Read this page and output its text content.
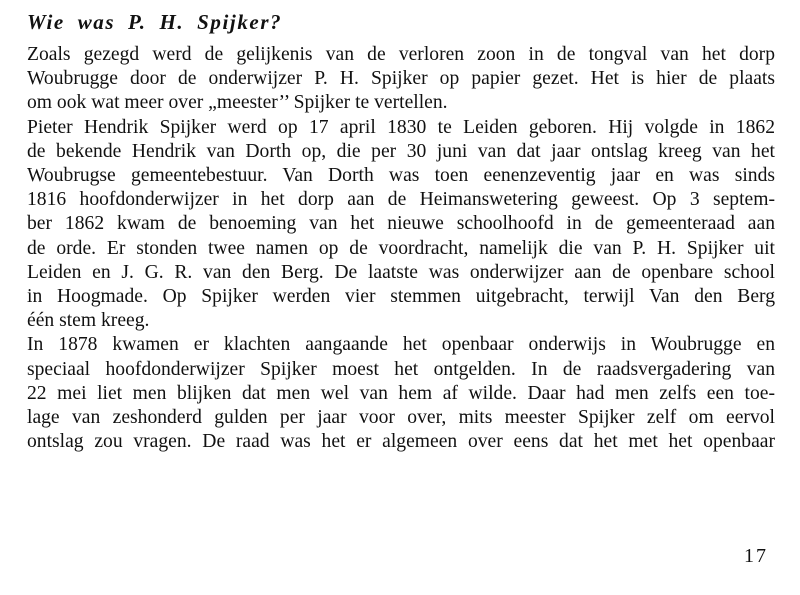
Wie was P. H. Spijker?
Zoals gezegd werd de gelijkenis van de verloren zoon in de tongval van het dorp
Woubrugge door de onderwijzer P. H. Spijker op papier gezet. Het is hier de plaats
om ook wat meer over „meester’’ Spijker te vertellen.
Pieter Hendrik Spijker werd op 17 april 1830 te Leiden geboren. Hij volgde in 1862
de bekende Hendrik van Dorth op, die per 30 juni van dat jaar ontslag kreeg van het
Woubrugse gemeentebestuur. Van Dorth was toen eenenzeventig jaar en was sinds
1816 hoofdonderwijzer in het dorp aan de Heimanswetering geweest. Op 3 septem-
ber 1862 kwam de benoeming van het nieuwe schoolhoofd in de gemeenteraad aan
de orde. Er stonden twee namen op de voordracht, namelijk die van P. H. Spijker uit
Leiden en J. G. R. van den Berg. De laatste was onderwijzer aan de openbare school
in Hoogmade. Op Spijker werden vier stemmen uitgebracht, terwijl Van den Berg
één stem kreeg.
In 1878 kwamen er klachten aangaande het openbaar onderwijs in Woubrugge en
speciaal hoofdonderwijzer Spijker moest het ontgelden. In de raadsvergadering van
22 mei liet men blijken dat men wel van hem af wilde. Daar had men zelfs een toe-
lage van zeshonderd gulden per jaar voor over, mits meester Spijker zelf om eervol
ontslag zou vragen. De raad was het er algemeen over eens dat het met het openbaar
17
